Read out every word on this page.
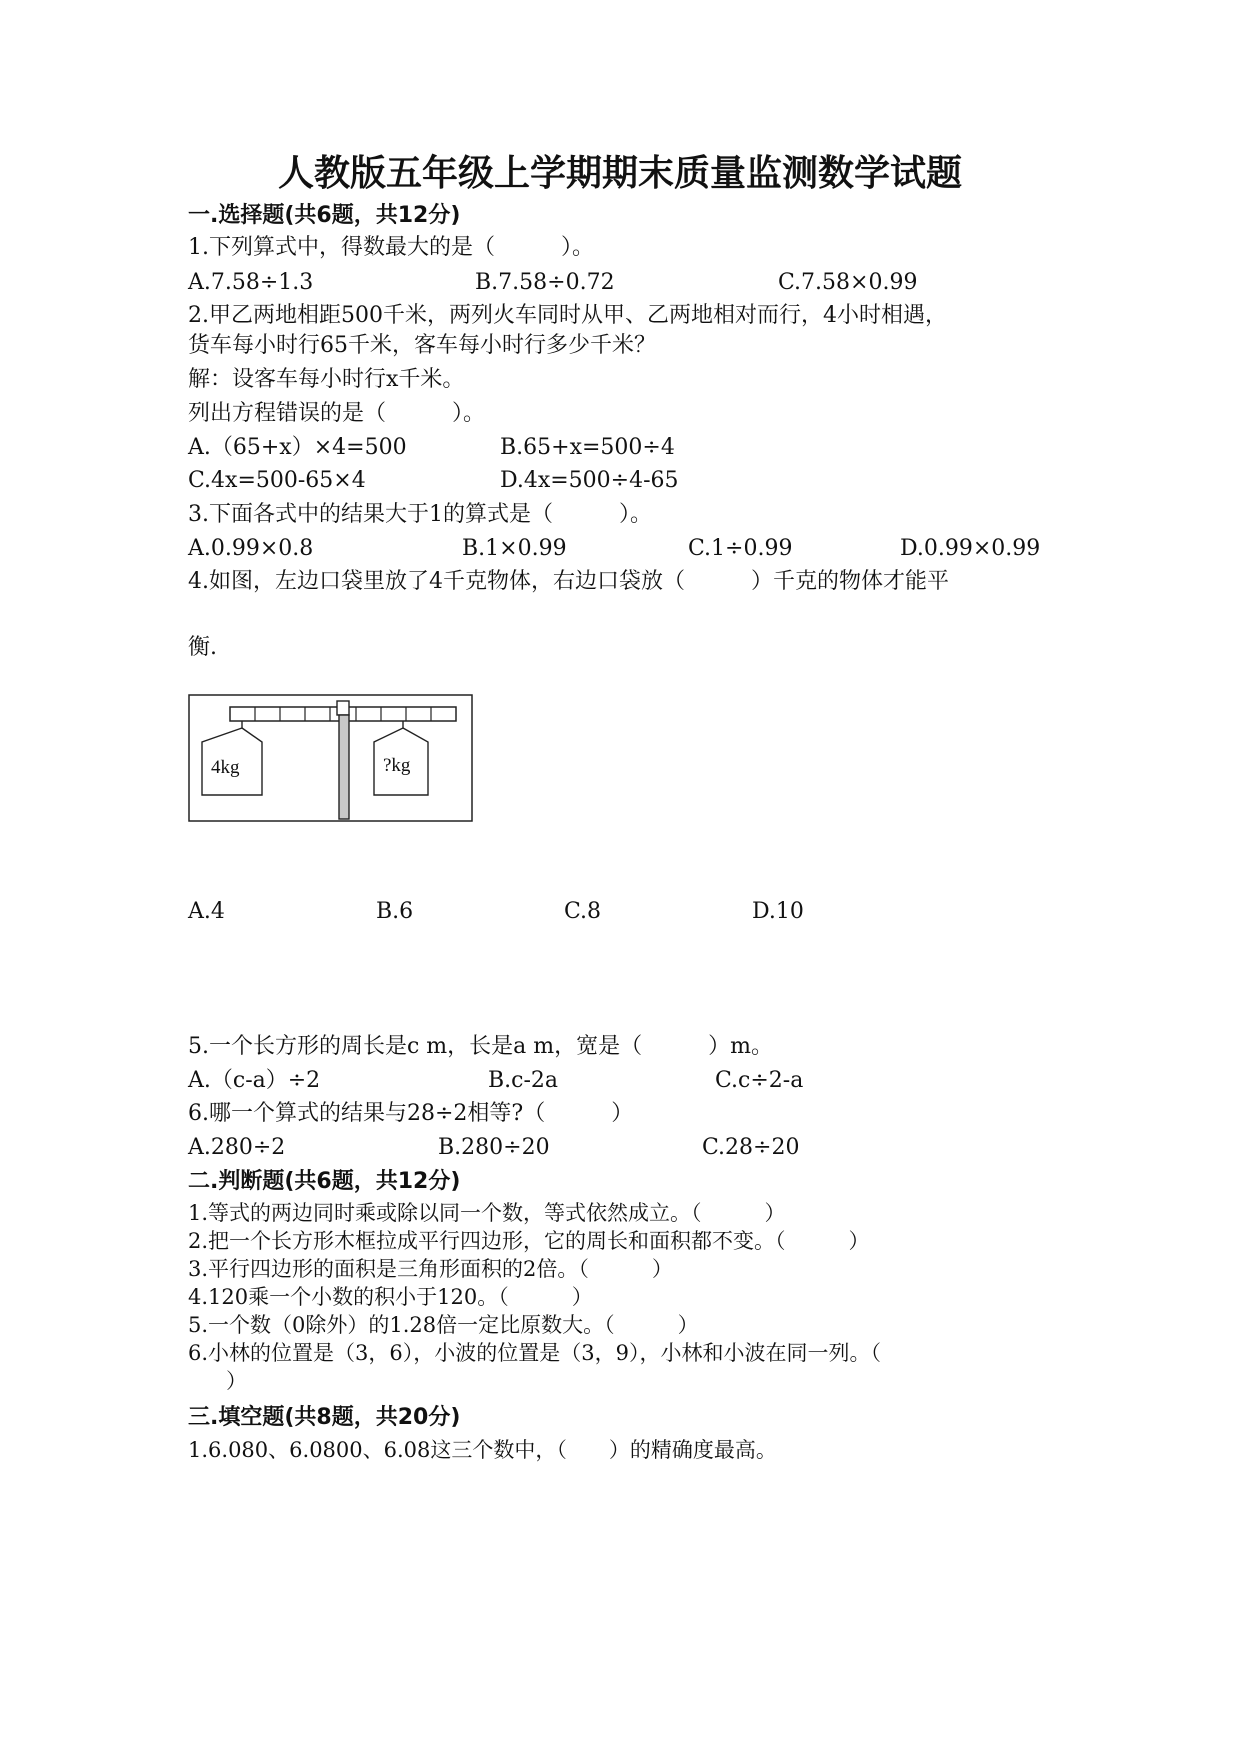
人教版五年级上学期期末质量监测数学试题
一.选择题(共6题，共12分)
1.下列算式中，得数最大的是（　　　）。
A.7.58÷1.3	B.7.58÷0.72	C.7.58×0.99
2.甲乙两地相距500千米，两列火车同时从甲、乙两地相对而行，4小时相遇，
货车每小时行65千米，客车每小时行多少千米？
解：设客车每小时行x千米。
列出方程错误的是（　　　）。
A.（65+x）×4=500	B.65+x=500÷4
C.4x=500-65×4	D.4x=500÷4-65
3.下面各式中的结果大于1的算式是（　　　）。
A.0.99×0.8	B.1×0.99	C.1÷0.99	D.0.99×0.99
4.如图，左边口袋里放了4千克物体，右边口袋放（　　　）千克的物体才能平
衡.
4kg	?kg
A.4	B.6	C.8	D.10
5.一个长方形的周长是c m，长是a m，宽是（　　　）m。
A.（c-a）÷2	B.c-2a	C.c÷2-a
6.哪一个算式的结果与28÷2相等?（　　　）
A.280÷2	B.280÷20	C.28÷20
二.判断题(共6题，共12分)
1.等式的两边同时乘或除以同一个数，等式依然成立。（　　　）
2.把一个长方形木框拉成平行四边形，它的周长和面积都不变。（　　　）
3.平行四边形的面积是三角形面积的2倍。（　　　）
4.120乘一个小数的积小于120。（　　　）
5.一个数（0除外）的1.28倍一定比原数大。（　　　）
6.小林的位置是（3，6），小波的位置是（3，9），小林和小波在同一列。（
）
三.填空题(共8题，共20分)
1.6.080、6.0800、6.08这三个数中，（　　）的精确度最高。
